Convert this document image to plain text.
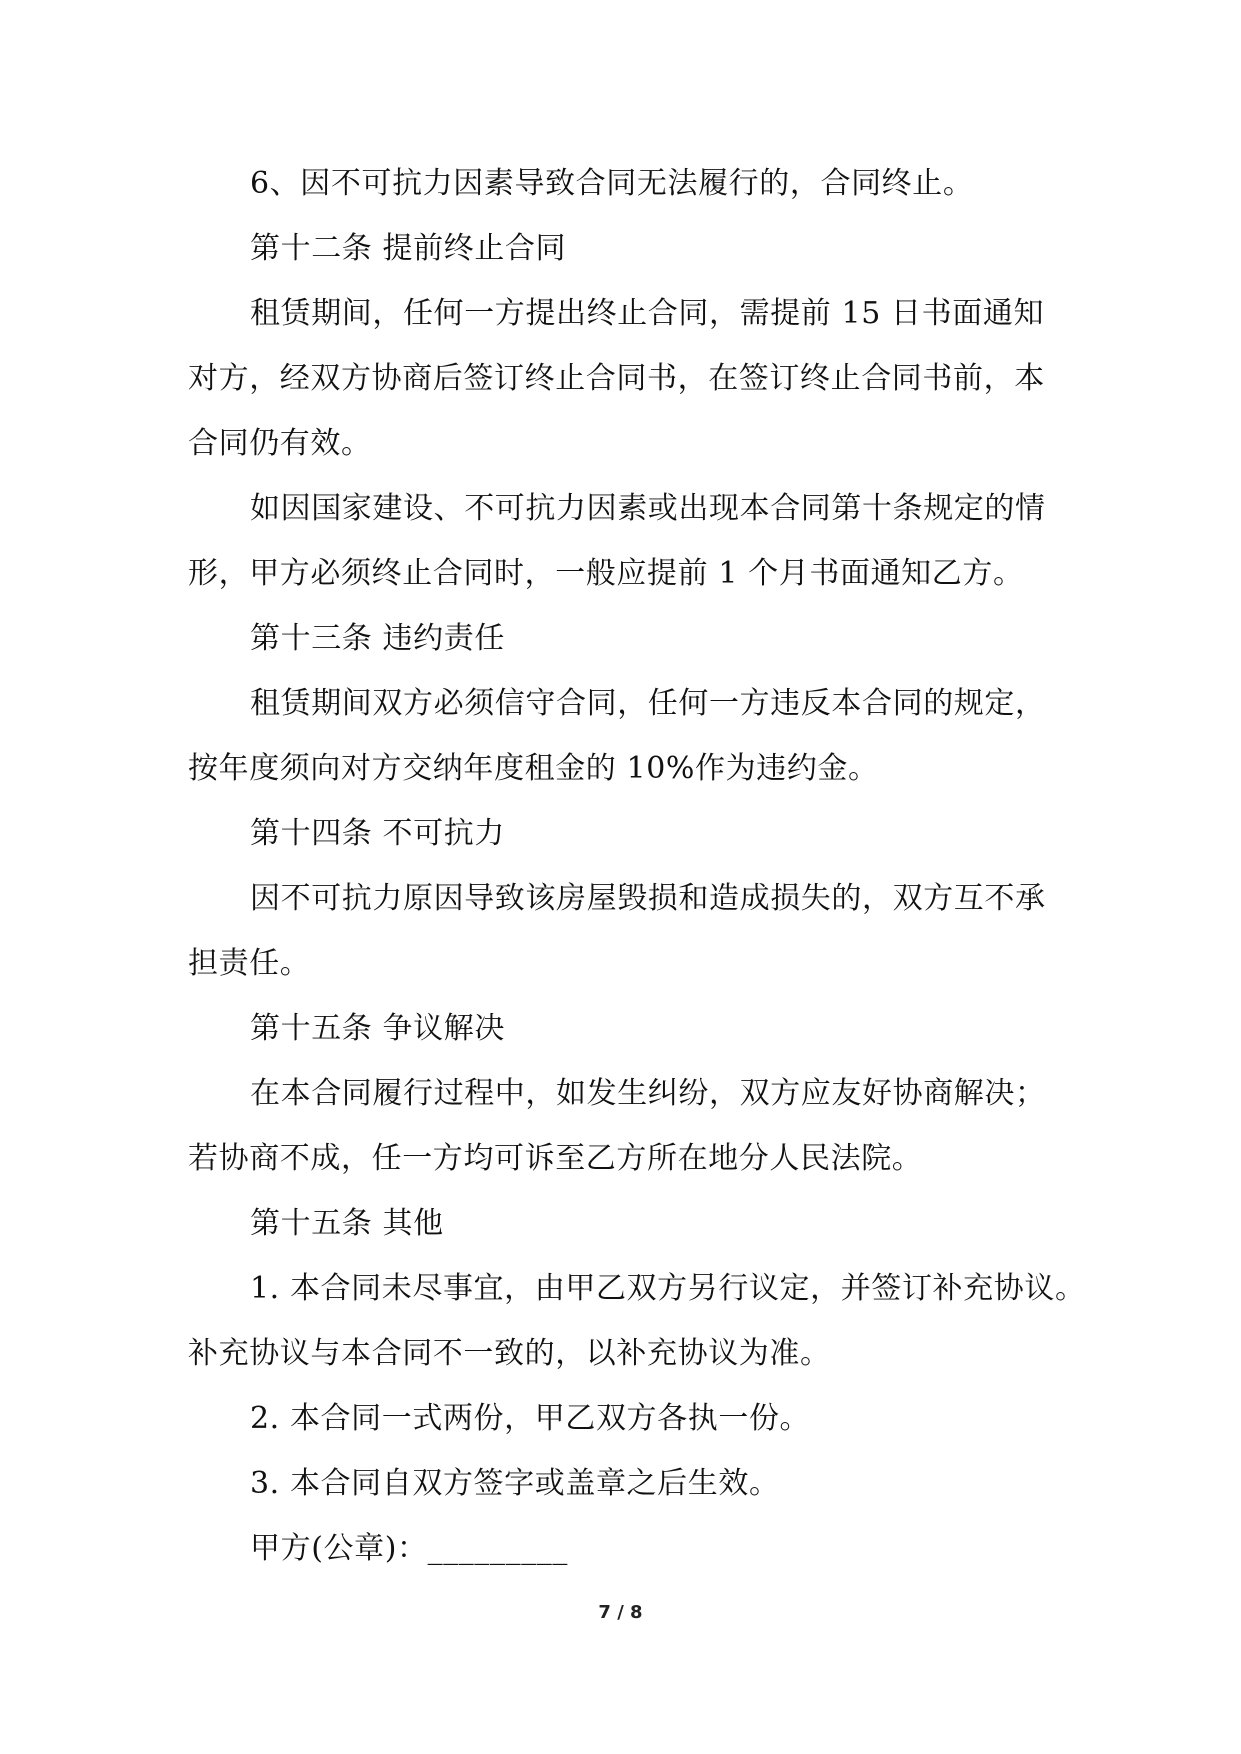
6、因不可抗力因素导致合同无法履行的，合同终止。

第十二条 提前终止合同

租赁期间，任何一方提出终止合同，需提前 15 日书面通知
对方，经双方协商后签订终止合同书，在签订终止合同书前，本
合同仍有效。

如因国家建设、不可抗力因素或出现本合同第十条规定的情
形，甲方必须终止合同时，一般应提前 1 个月书面通知乙方。

第十三条 违约责任

租赁期间双方必须信守合同，任何一方违反本合同的规定，
按年度须向对方交纳年度租金的 10%作为违约金。

第十四条 不可抗力

因不可抗力原因导致该房屋毁损和造成损失的，双方互不承
担责任。

第十五条 争议解决

在本合同履行过程中，如发生纠纷，双方应友好协商解决；
若协商不成，任一方均可诉至乙方所在地分人民法院。

第十五条 其他

1. 本合同未尽事宜，由甲乙双方另行议定，并签订补充协议。
补充协议与本合同不一致的，以补充协议为准。

2. 本合同一式两份，甲乙双方各执一份。

3. 本合同自双方签字或盖章之后生效。

甲方(公章)：_________

7 / 8
